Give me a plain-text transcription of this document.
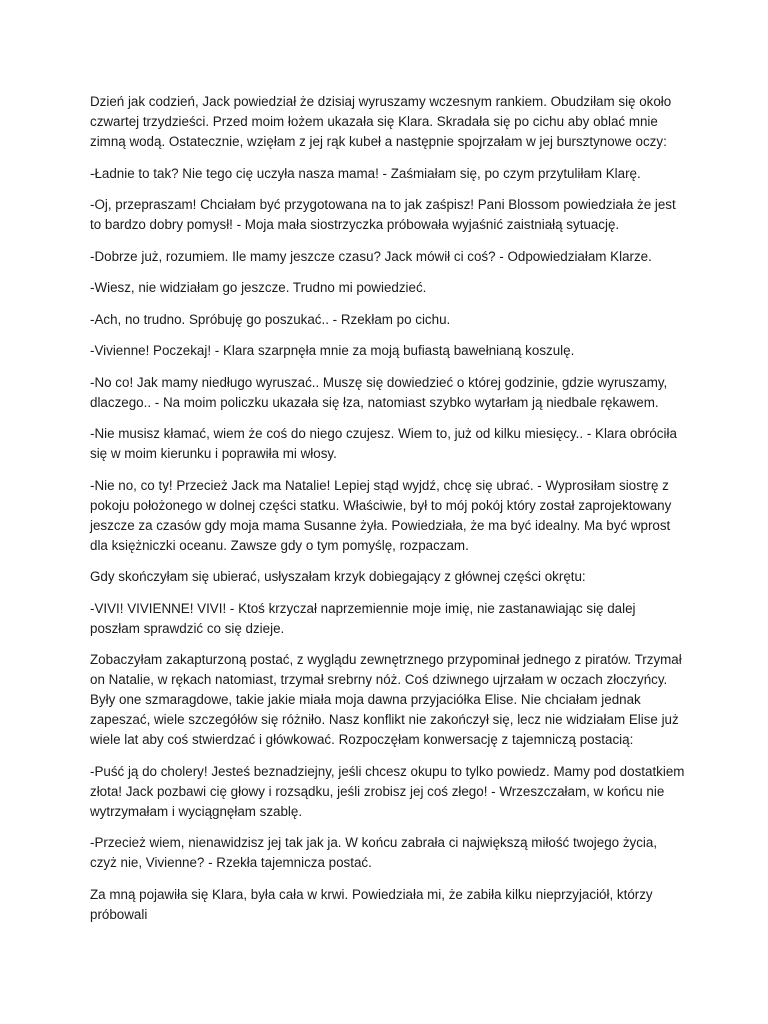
Dzień jak codzień, Jack powiedział że dzisiaj wyruszamy wczesnym rankiem. Obudziłam się około czwartej trzydzieści. Przed moim łożem ukazała się Klara. Skradała się po cichu aby oblać mnie zimną wodą. Ostatecznie, wzięłam z jej rąk kubeł a następnie spojrzałam w jej bursztynowe oczy:

-Ładnie to tak? Nie tego cię uczyła nasza mama! - Zaśmiałam się, po czym przytuliłam Klarę.

-Oj, przepraszam! Chciałam być przygotowana na to jak zaśpisz! Pani Blossom powiedziała że jest to bardzo dobry pomysł! - Moja mała siostrzyczka próbowała wyjaśnić zaistniałą sytuację.

-Dobrze już, rozumiem. Ile mamy jeszcze czasu? Jack mówił ci coś? - Odpowiedziałam Klarze.

-Wiesz, nie widziałam go jeszcze. Trudno mi powiedzieć.

-Ach, no trudno. Spróbuję go poszukać.. - Rzekłam po cichu.

-Vivienne! Poczekaj! - Klara szarpnęła mnie za moją bufiastą bawełnianą koszulę.

-No co! Jak mamy niedługo wyruszać.. Muszę się dowiedzieć o której godzinie, gdzie wyruszamy, dlaczego.. - Na moim policzku ukazała się łza, natomiast szybko wytarłam ją niedbale rękawem.

-Nie musisz kłamać, wiem że coś do niego czujesz. Wiem to, już od kilku miesięcy.. - Klara obróciła się w moim kierunku i poprawiła mi włosy.

-Nie no, co ty! Przecież Jack ma Natalie! Lepiej stąd wyjdź, chcę się ubrać. - Wyprosiłam siostrę z pokoju położonego w dolnej części statku. Właściwie, był to mój pokój który został zaprojektowany jeszcze za czasów gdy moja mama Susanne żyła. Powiedziała, że ma być idealny. Ma być wprost dla księżniczki oceanu. Zawsze gdy o tym pomyślę, rozpaczam.

Gdy skończyłam się ubierać, usłyszałam krzyk dobiegający z głównej części okrętu:

-VIVI! VIVIENNE! VIVI! - Ktoś krzyczał naprzemiennie moje imię, nie zastanawiając się dalej poszłam sprawdzić co się dzieje.

Zobaczyłam zakapturzoną postać, z wyglądu zewnętrznego przypominał jednego z piratów. Trzymał on Natalie, w rękach natomiast, trzymał srebrny nóż. Coś dziwnego ujrzałam w oczach złoczyńcy. Były one szmaragdowe, takie jakie miała moja dawna przyjaciółka Elise. Nie chciałam jednak zapeszać, wiele szczegółów się różniło. Nasz konflikt nie zakończył się, lecz nie widziałam Elise już wiele lat aby coś stwierdzać i główkować. Rozpoczęłam konwersację z tajemniczą postacią:

-Puść ją do cholery! Jesteś beznadziejny, jeśli chcesz okupu to tylko powiedz. Mamy pod dostatkiem złota! Jack pozbawi cię głowy i rozsądku, jeśli zrobisz jej coś złego! - Wrzeszczałam, w końcu nie wytrzymałam i wyciągnęłam szablę.

-Przecież wiem, nienawidzisz jej tak jak ja. W końcu zabrała ci największą miłość twojego życia, czyż nie, Vivienne? - Rzekła tajemnicza postać.

Za mną pojawiła się Klara, była cała w krwi. Powiedziała mi, że zabiła kilku nieprzyjaciół, którzy próbowali
